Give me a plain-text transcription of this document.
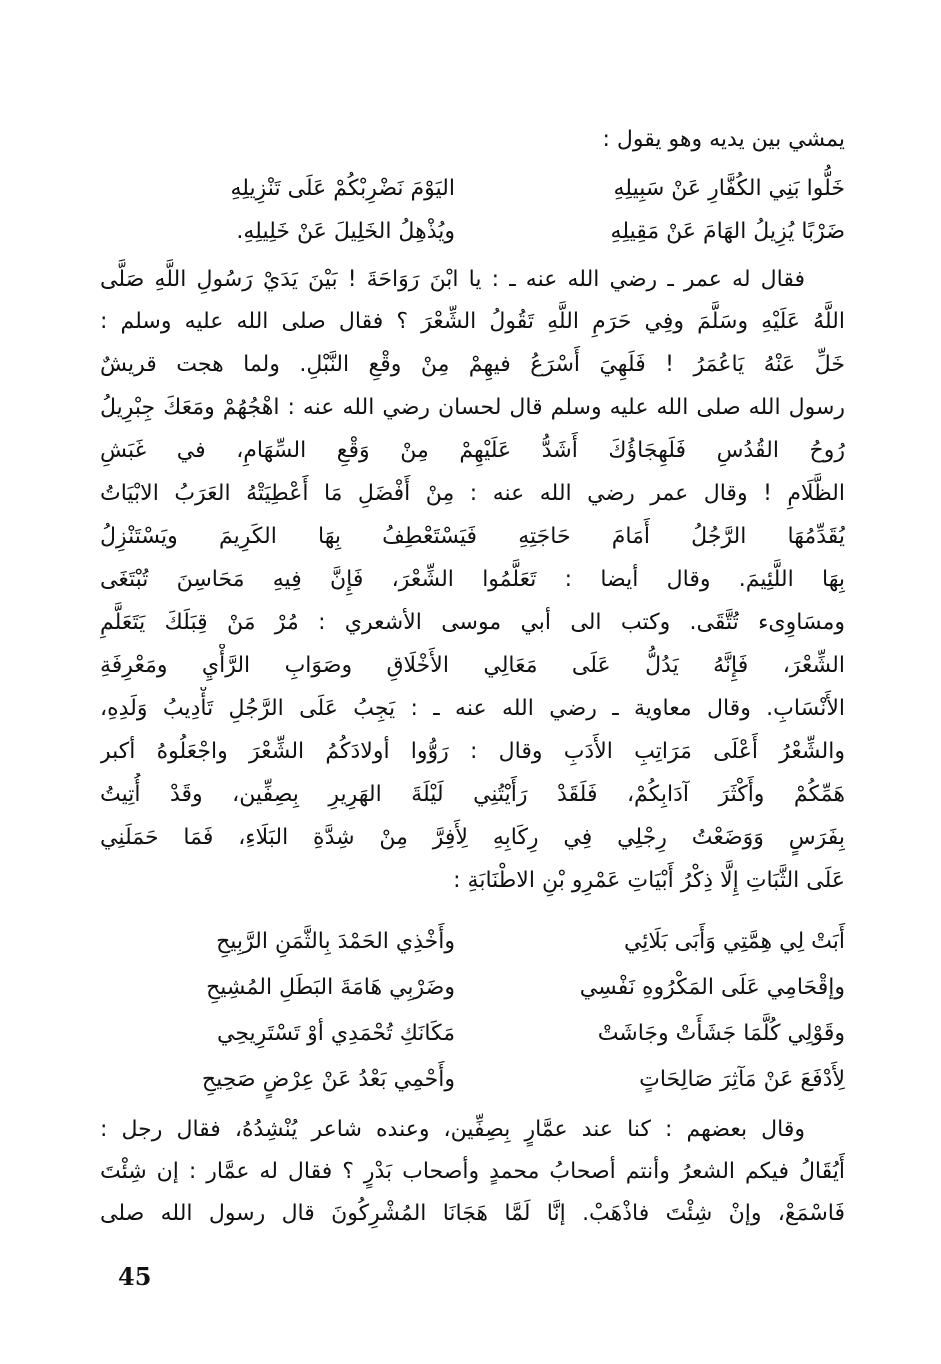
يمشي بين يديه وهو يقول :
خَلُّوا بَنِي الكُفَّارِ عَنْ سَبِيلِهِ
اليَوْمَ نَضْرِبْكُمْ عَلَى تَنْزِيلِهِ
ضَرْبًا يُزِيلُ الهَامَ عَنْ مَقِيلِهِ
ويُذْهِلُ الخَلِيلَ عَنْ خَلِيلِهِ.
فقال له عمر ـ رضي الله عنه ـ : يا ابْنَ رَوَاحَةَ ! بَيْنَ يَدَيْ رَسُولِ اللَّهِ صَلَّى
اللَّهُ عَلَيْهِ وسَلَّمَ وفِي حَرَمِ اللَّهِ تَقُولُ الشِّعْرَ ؟ فقال صلى الله عليه وسلم :
خَلِّ عَنْهُ يَاعُمَرُ ! فَلَهِيَ أَسْرَعُ فيهِمْ مِنْ وقْعِ النَّبْلِ. ولما هجت قريشٌ
رسول الله صلى الله عليه وسلم قال لحسان رضي الله عنه : اهْجُهُمْ ومَعَكَ جِبْرِيلُ
رُوحُ القُدُسِ فَلَهِجَاؤُكَ أَشَدُّ عَلَيْهِمْ مِنْ وَقْعِ السِّهَامِ، في غَبَشِ
الظَّلَامِ ! وقال عمر رضي الله عنه : مِنْ أَفْضَلِ مَا أَعْطِيَتْهُ العَرَبُ الابْيَاتُ
يُقَدِّمُهَا الرَّجُلُ أَمَامَ حَاجَتِهِ فَيَسْتَعْطِفُ بِهَا الكَرِيمَ ويَسْتَنْزِلُ
بِهَا اللَّئِيمَ. وقال أيضا : تَعَلَّمُوا الشِّعْرَ، فَإِنَّ فِيهِ مَحَاسِنَ تُبْتَغَى
ومسَاوِىء تُتَّقَى. وكتب الى أبي موسى الأشعري : مُرْ مَنْ قِبَلَكَ يَتَعَلَّمِ
الشِّعْرَ، فَإِنَّهُ يَدُلُّ عَلَى مَعَالِي الأَخْلَاقِ وصَوَابِ الرَّأْيِ ومَعْرِفَةِ
الأَنْسَابِ. وقال معاوية ـ رضي الله عنه ـ : يَجِبُ عَلَى الرَّجُلِ تَأْدِيبُ وَلَدِهِ،
والشِّعْرُ أَعْلَى مَرَاتِبِ الأَدَبِ وقال : رَوُّوا أولادَكُمُ الشِّعْرَ واجْعَلُوهُ أكبر
هَمِّكُمْ وأَكْثَرَ آدَابِكُمْ، فَلَقَدْ رَأَيْتُنِي لَيْلَةَ الهَرِيرِ بِصِفِّين، وقَدْ أُتِيتُ
بِفَرَسٍ وَوَضَعْتُ رِجْلِي فِي رِكَابِهِ لِأَفِرَّ مِنْ شِدَّةِ البَلَاءِ، فَمَا حَمَلَنِي
عَلَى الثَّبَاتِ إِلَّا ذِكْرُ أَبْيَاتِ عَمْرِو بْنِ الاطْنَابَةِ :
أَبَتْ لِي هِمَّتِي وَأَبَى بَلَائِي
وأَخْذِي الحَمْدَ بِالثَّمَنِ الرَّبِيحِ
وإقْحَامِي عَلَى المَكْرُوهِ نَفْسِي
وضَرْبِي هَامَةَ البَطَلِ المُشِيحِ
وقَوْلِي كُلَّمَا جَشَأَتْ وجَاشَتْ
مَكَانَكِ تُحْمَدِي أوْ تَسْتَرِيحِي
لِأَدْفَعَ عَنْ مَآثِرَ صَالِحَاتٍ
وأَحْمِي بَعْدُ عَنْ عِرْضٍ صَحِيحِ
وقال بعضهم : كنا عند عمَّارٍ بِصِفِّين، وعنده شاعر يُنْشِدُهُ، فقال رجل :
أَيُقَالُ فيكم الشعرُ وأنتم أصحابُ محمدٍ وأصحاب بَدْرٍ ؟ فقال له عمَّار : إن شِئْتَ
فَاسْمَعْ، وإنْ شِئْتَ فاذْهَبْ. إنَّا لَمَّا هَجَانَا المُشْرِكُونَ قال رسول الله صلى
45
